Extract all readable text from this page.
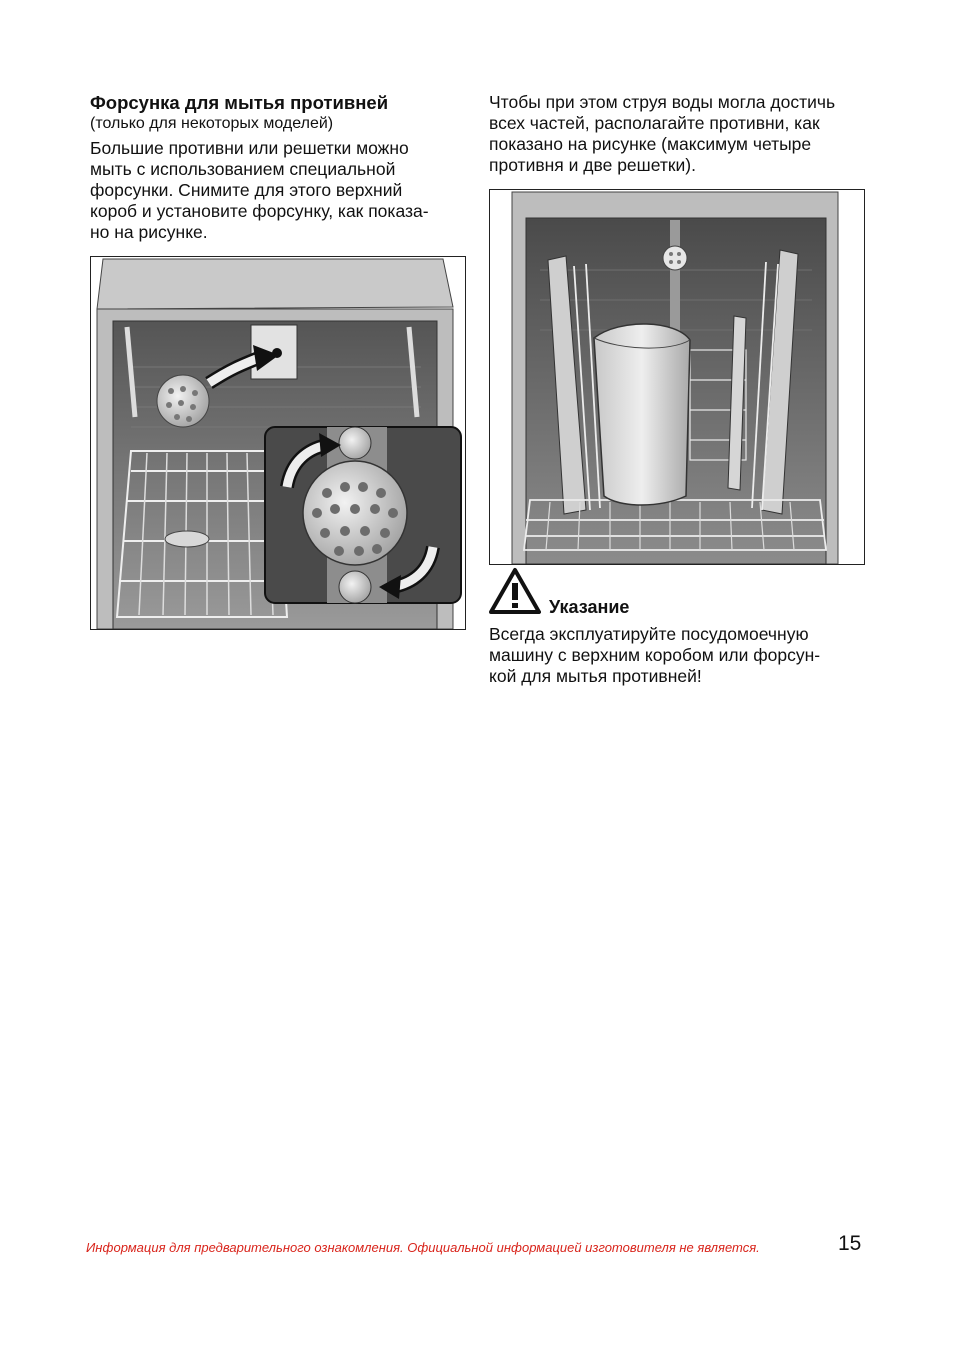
Форсунка для мытья противней

(только для некоторых моделей)

Большие противни или решетки можно

мыть с использованием специальной

форсунки. Снимите для этого верхний

короб и установите форсунку, как показа-

но на рисунке.

Чтобы при этом струя воды могла достичь

всех частей, располагайте противни, как

показано на рисунке (максимум четыре

противня и две решетки).

Указание

Всегда эксплуатируйте посудомоечную

машину с верхним коробом или форсун-

кой для мытья противней!

Информация для предварительного ознакомления. Официальной информацией изготовителя не является.	15
